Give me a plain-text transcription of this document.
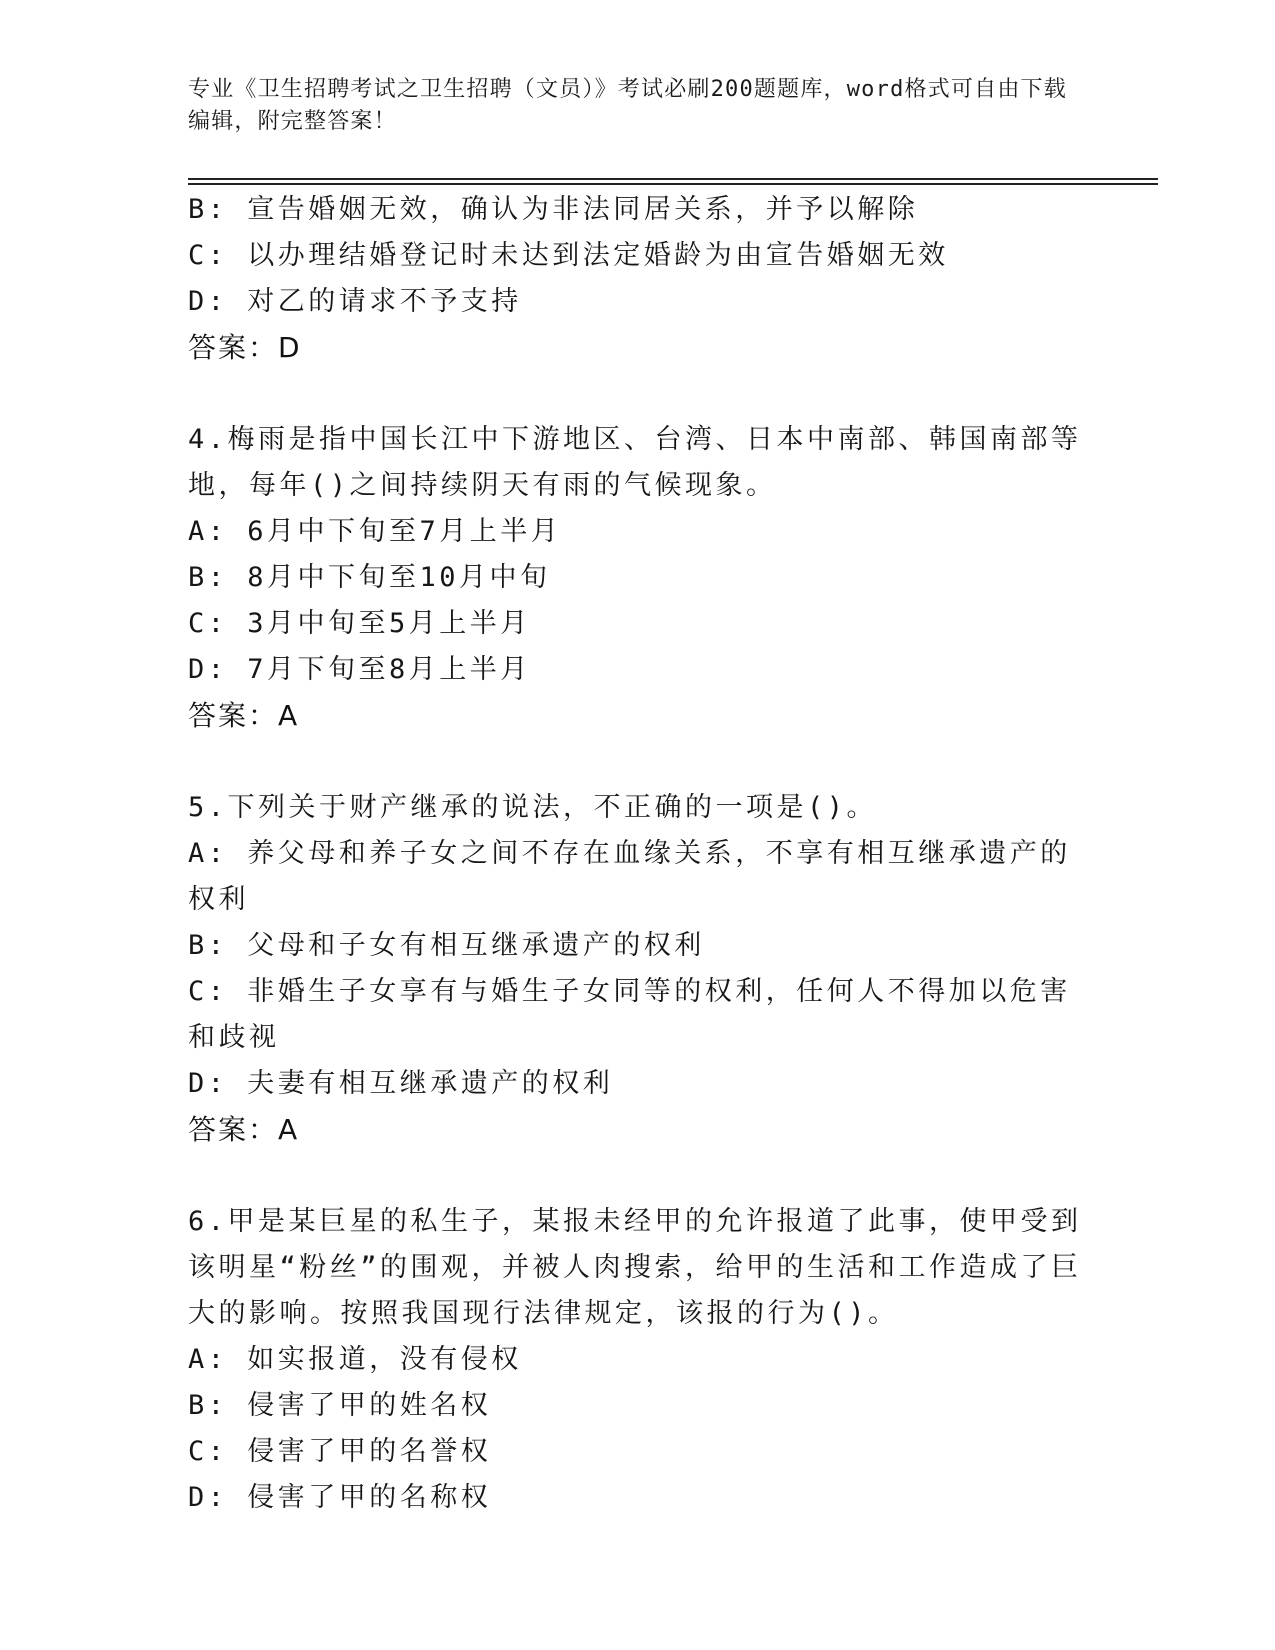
专业《卫生招聘考试之卫生招聘（文员）》考试必刷200题题库，word格式可自由下载编辑，附完整答案！
B: 宣告婚姻无效，确认为非法同居关系，并予以解除
C: 以办理结婚登记时未达到法定婚龄为由宣告婚姻无效
D: 对乙的请求不予支持
答案：D
4.梅雨是指中国长江中下游地区、台湾、日本中南部、韩国南部等地，每年()之间持续阴天有雨的气候现象。
A: 6月中下旬至7月上半月
B: 8月中下旬至10月中旬
C: 3月中旬至5月上半月
D: 7月下旬至8月上半月
答案：A
5.下列关于财产继承的说法，不正确的一项是()。
A: 养父母和养子女之间不存在血缘关系，不享有相互继承遗产的权利
B: 父母和子女有相互继承遗产的权利
C: 非婚生子女享有与婚生子女同等的权利，任何人不得加以危害和歧视
D: 夫妻有相互继承遗产的权利
答案：A
6.甲是某巨星的私生子，某报未经甲的允许报道了此事，使甲受到该明星“粉丝”的围观，并被人肉搜索，给甲的生活和工作造成了巨大的影响。按照我国现行法律规定，该报的行为()。
A: 如实报道，没有侵权
B: 侵害了甲的姓名权
C: 侵害了甲的名誉权
D: 侵害了甲的名称权
